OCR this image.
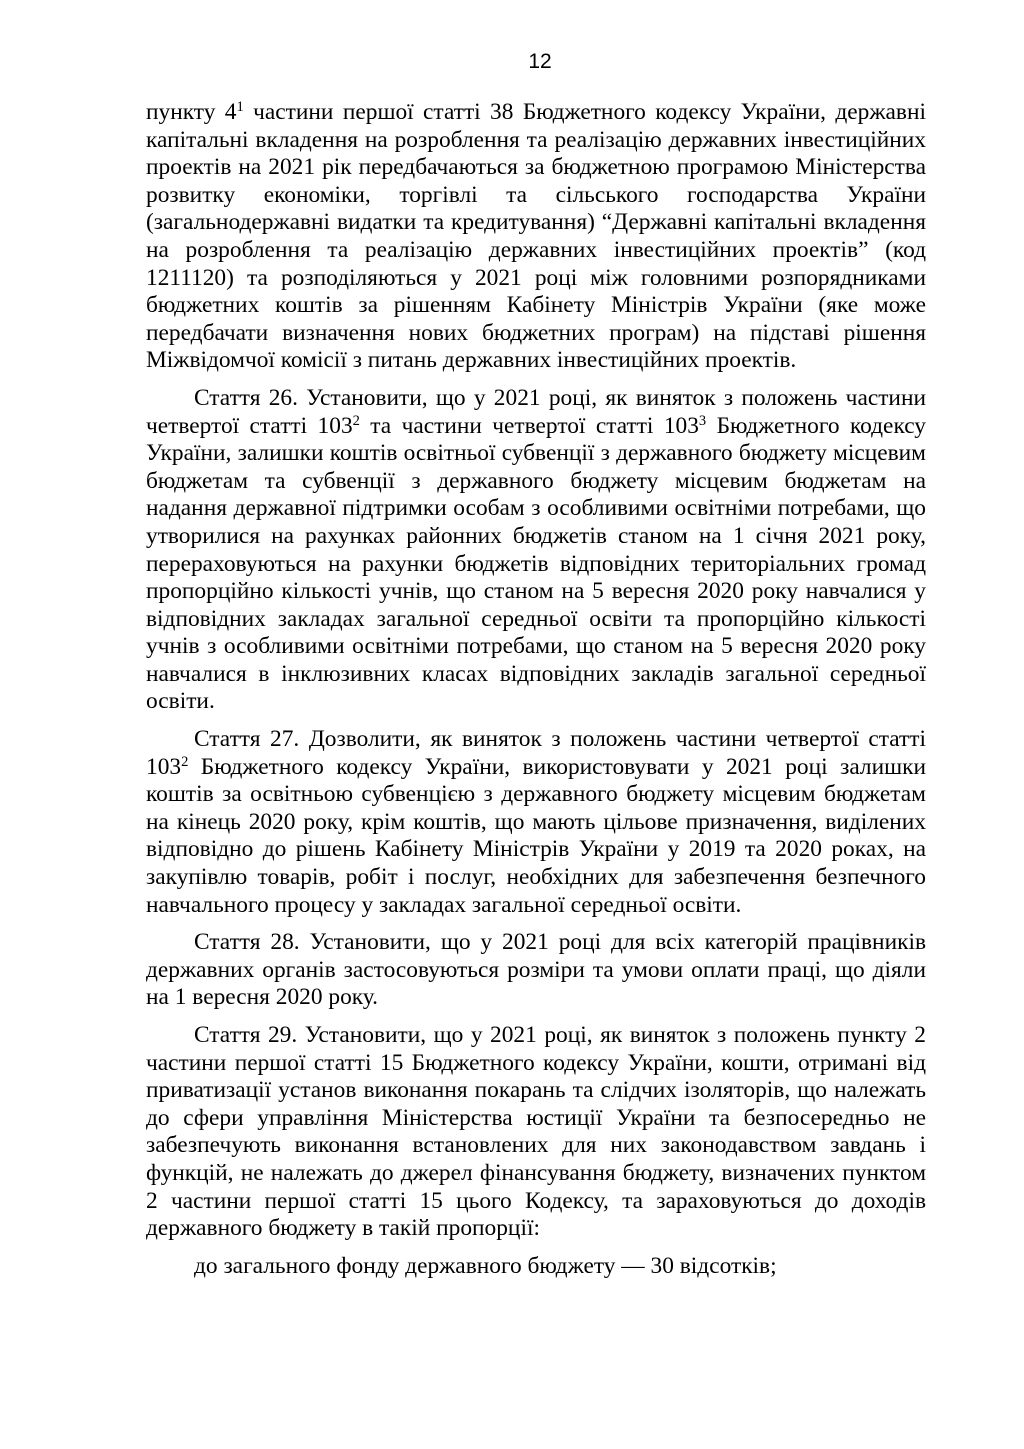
12

пункту $4^1$ частини першої статті 38 Бюджетного кодексу України, державні капітальні вкладення на розроблення та реалізацію державних інвестиційних проектів на 2021 рік передбачаються за бюджетною програмою Міністерства розвитку економіки, торгівлі та сільського господарства України (загальнодержавні видатки та кредитування) “Державні капітальні вкладення на розроблення та реалізацію державних інвестиційних проектів” (код 1211120) та розподіляються у 2021 році між головними розпорядниками бюджетних коштів за рішенням Кабінету Міністрів України (яке може передбачати визначення нових бюджетних програм) на підставі рішення Міжвідомчої комісії з питань державних інвестиційних проектів.

Стаття 26. Установити, що у 2021 році, як виняток з положень частини четвертої статті $103^2$ та частини четвертої статті $103^3$ Бюджетного кодексу України, залишки коштів освітньої субвенції з державного бюджету місцевим бюджетам та субвенції з державного бюджету місцевим бюджетам на надання державної підтримки особам з особливими освітніми потребами, що утворилися на рахунках районних бюджетів станом на 1 січня 2021 року, перераховуються на рахунки бюджетів відповідних територіальних громад пропорційно кількості учнів, що станом на 5 вересня 2020 року навчалися у відповідних закладах загальної середньої освіти та пропорційно кількості учнів з особливими освітніми потребами, що станом на 5 вересня 2020 року навчалися в інклюзивних класах відповідних закладів загальної середньої освіти.

Стаття 27. Дозволити, як виняток з положень частини четвертої статті $103^2$ Бюджетного кодексу України, використовувати у 2021 році залишки коштів за освітньою субвенцією з державного бюджету місцевим бюджетам на кінець 2020 року, крім коштів, що мають цільове призначення, виділених відповідно до рішень Кабінету Міністрів України у 2019 та 2020 роках, на закупівлю товарів, робіт і послуг, необхідних для забезпечення безпечного навчального процесу у закладах загальної середньої освіти.

Стаття 28. Установити, що у 2021 році для всіх категорій працівників державних органів застосовуються розміри та умови оплати праці, що діяли на 1 вересня 2020 року.

Стаття 29. Установити, що у 2021 році, як виняток з положень пункту 2 частини першої статті 15 Бюджетного кодексу України, кошти, отримані від приватизації установ виконання покарань та слідчих ізоляторів, що належать до сфери управління Міністерства юстиції України та безпосередньо не забезпечують виконання встановлених для них законодавством завдань і функцій, не належать до джерел фінансування бюджету, визначених пунктом 2 частини першої статті 15 цього Кодексу, та зараховуються до доходів державного бюджету в такій пропорції:

до загального фонду державного бюджету — 30 відсотків;
